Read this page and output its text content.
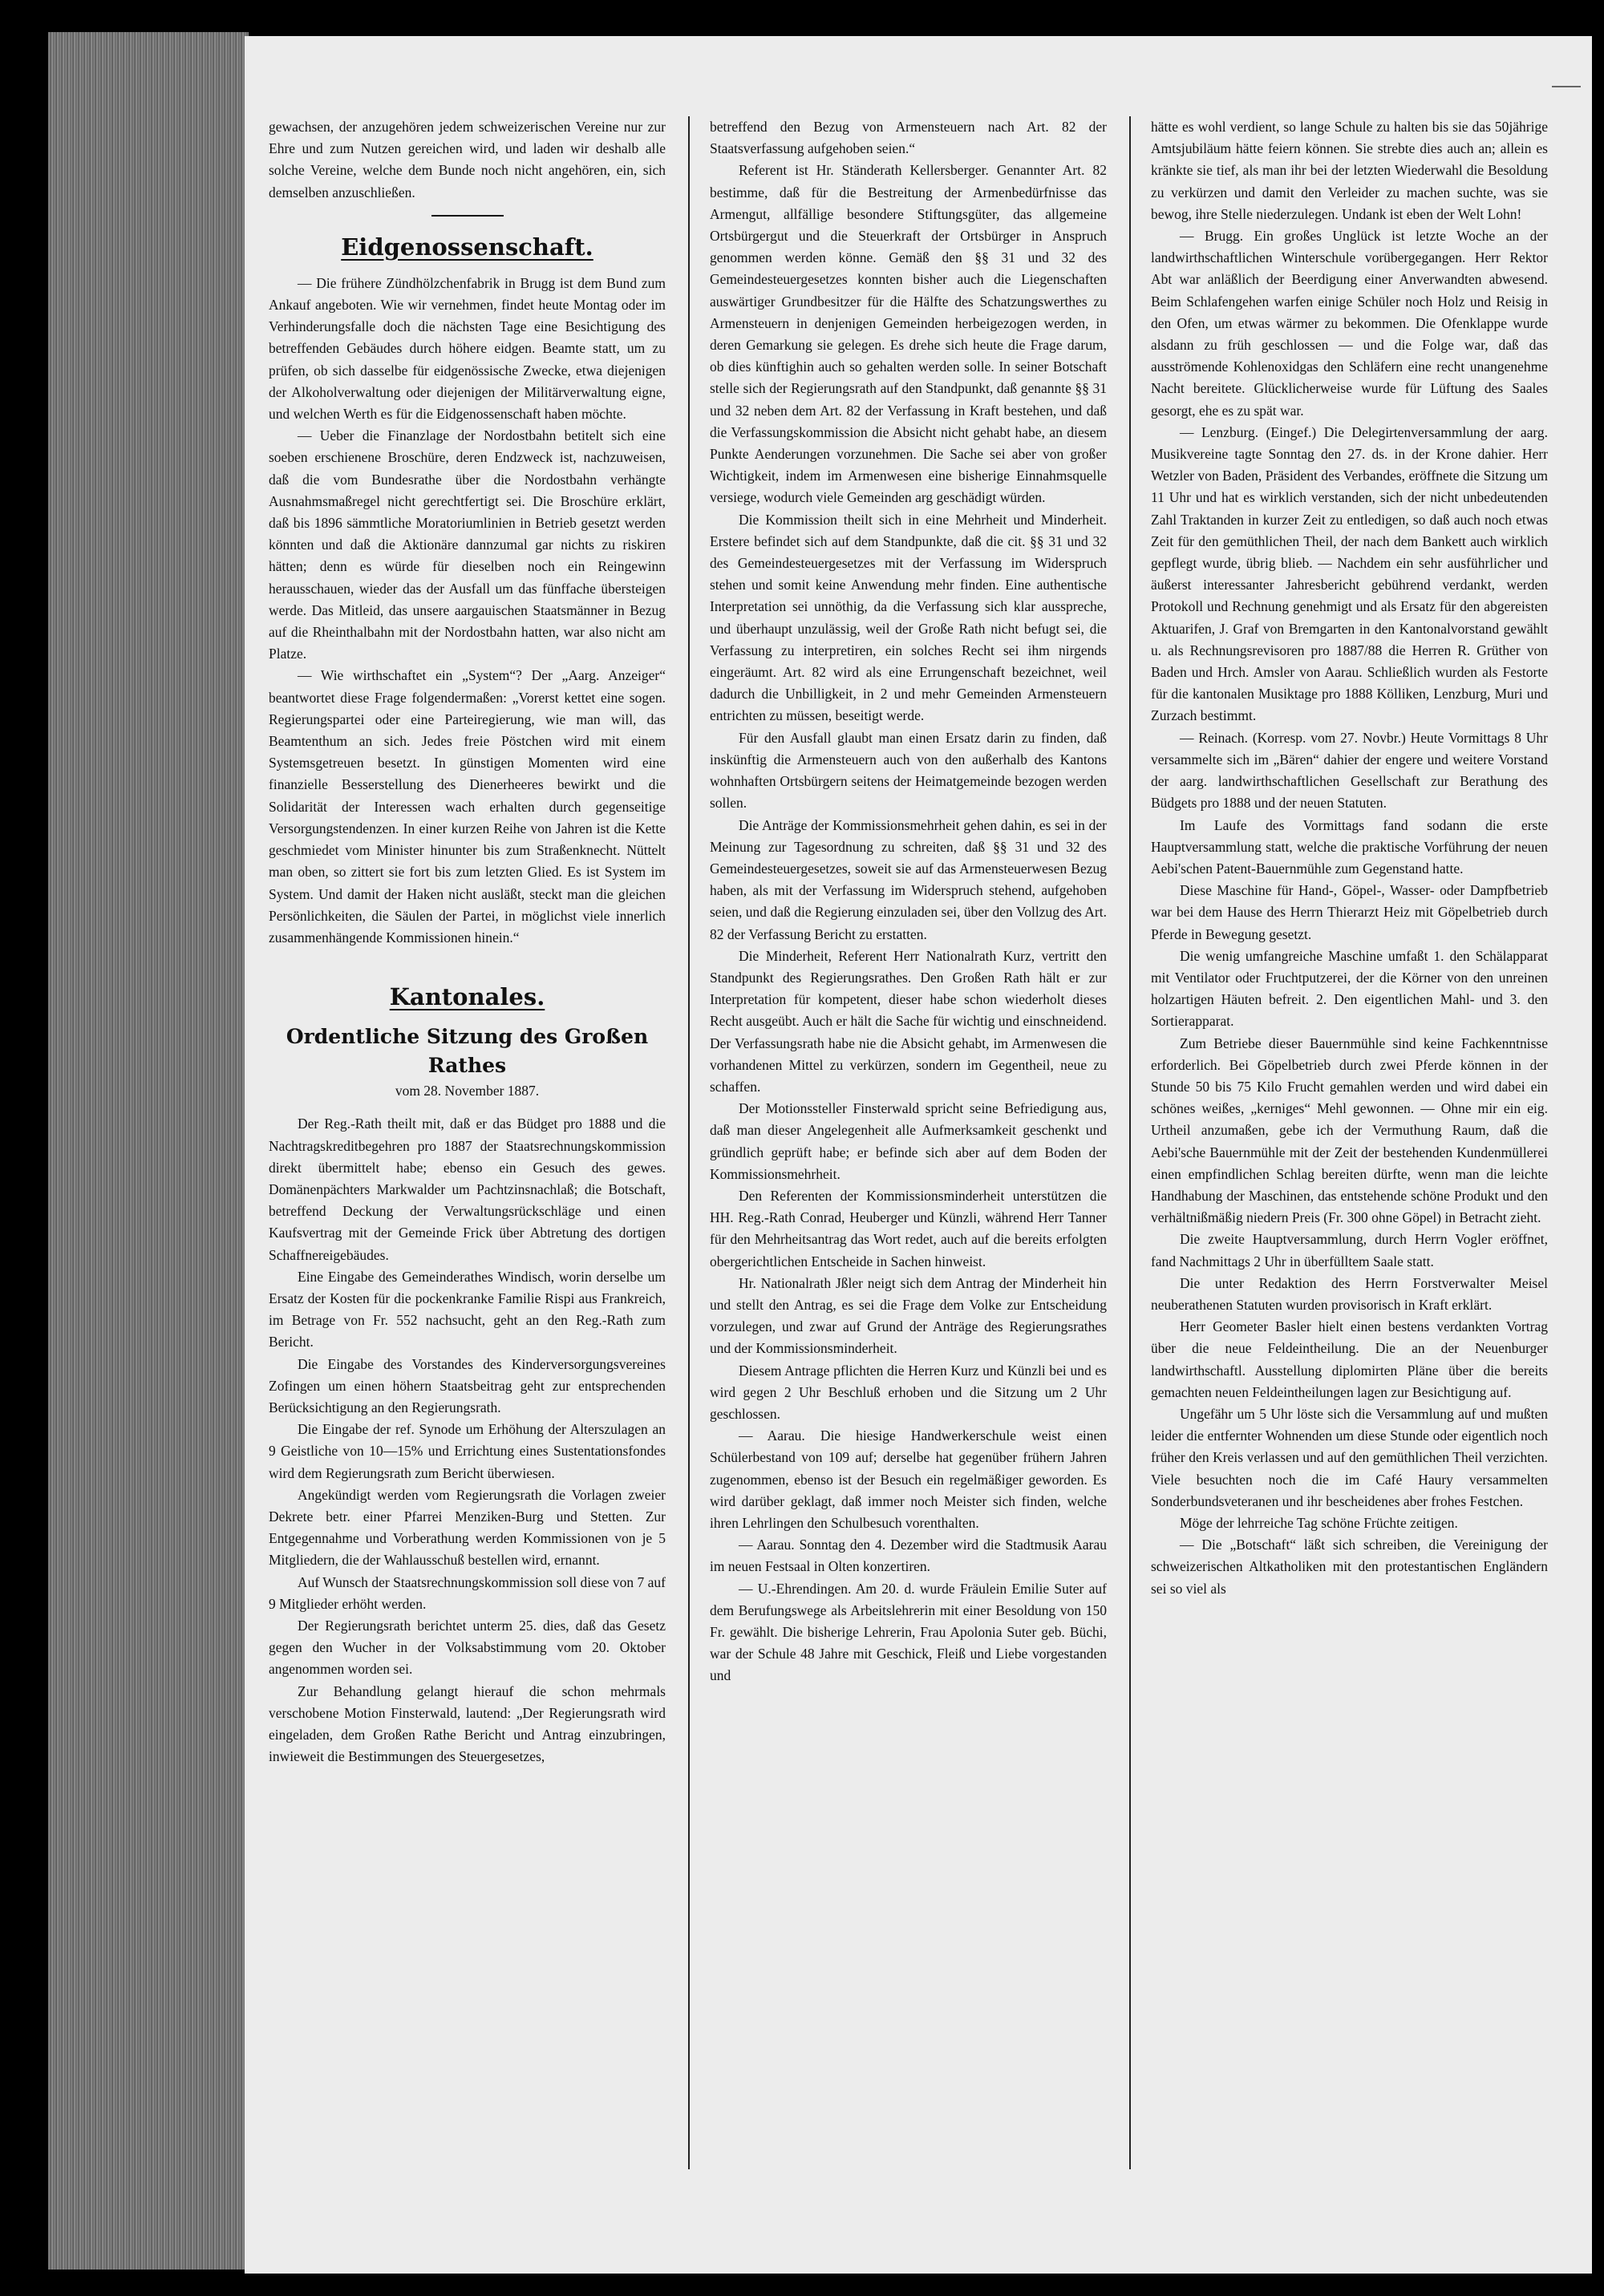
gewachsen, der anzugehören jedem schweizerischen Vereine nur zur Ehre und zum Nutzen gereichen wird, und laden wir deshalb alle solche Vereine, welche dem Bunde noch nicht angehören, ein, sich demselben anzuschließen.

Eidgenossenschaft.

— Die frühere Zündhölzchenfabrik in Brugg ist dem Bund zum Ankauf angeboten. Wie wir vernehmen, findet heute Montag oder im Verhinderungsfalle doch die nächsten Tage eine Besichtigung des betreffenden Gebäudes durch höhere eidgen. Beamte statt, um zu prüfen, ob sich dasselbe für eidgenössische Zwecke, etwa diejenigen der Alkoholverwaltung oder diejenigen der Militärverwaltung eigne, und welchen Werth es für die Eidgenossenschaft haben möchte.

— Ueber die Finanzlage der Nordostbahn betitelt sich eine soeben erschienene Broschüre, deren Endzweck ist, nachzuweisen, daß die vom Bundesrathe über die Nordostbahn verhängte Ausnahmsmaßregel nicht gerechtfertigt sei. Die Broschüre erklärt, daß bis 1896 sämmtliche Moratoriumlinien in Betrieb gesetzt werden könnten und daß die Aktionäre dannzumal gar nichts zu riskiren hätten; denn es würde für dieselben noch ein Reingewinn herausschauen, wieder das der Ausfall um das fünffache übersteigen werde. Das Mitleid, das unsere aargauischen Staatsmänner in Bezug auf die Rheinthalbahn mit der Nordostbahn hatten, war also nicht am Platze.

— Wie wirthschaftet ein „System“? Der „Aarg. Anzeiger“ beantwortet diese Frage folgendermaßen: „Vorerst kettet eine sogen. Regierungspartei oder eine Parteiregierung, wie man will, das Beamtenthum an sich. Jedes freie Pöstchen wird mit einem Systemsgetreuen besetzt. In günstigen Momenten wird eine finanzielle Besserstellung des Dienerheeres bewirkt und die Solidarität der Interessen wach erhalten durch gegenseitige Versorgungstendenzen. In einer kurzen Reihe von Jahren ist die Kette geschmiedet vom Minister hinunter bis zum Straßenknecht. Nüttelt man oben, so zittert sie fort bis zum letzten Glied. Es ist System im System. Und damit der Haken nicht ausläßt, steckt man die gleichen Persönlichkeiten, die Säulen der Partei, in möglichst viele innerlich zusammenhängende Kommissionen hinein.“

Kantonales.
Ordentliche Sitzung des Großen Rathes

vom 28. November 1887.

Der Reg.-Rath theilt mit, daß er das Büdget pro 1888 und die Nachtragskreditbegehren pro 1887 der Staatsrechnungskommission direkt übermittelt habe; ebenso ein Gesuch des gewes. Domänenpächters Markwalder um Pachtzinsnachlaß; die Botschaft, betreffend Deckung der Verwaltungsrückschläge und einen Kaufsvertrag mit der Gemeinde Frick über Abtretung des dortigen Schaffnereigebäudes.

Eine Eingabe des Gemeinderathes Windisch, worin derselbe um Ersatz der Kosten für die pockenkranke Familie Rispi aus Frankreich, im Betrage von Fr. 552 nachsucht, geht an den Reg.-Rath zum Bericht.

Die Eingabe des Vorstandes des Kinderversorgungsvereines Zofingen um einen höhern Staatsbeitrag geht zur entsprechenden Berücksichtigung an den Regierungsrath.

Die Eingabe der ref. Synode um Erhöhung der Alterszulagen an 9 Geistliche von 10—15% und Errichtung eines Sustentationsfondes wird dem Regierungsrath zum Bericht überwiesen.

Angekündigt werden vom Regierungsrath die Vorlagen zweier Dekrete betr. einer Pfarrei Menziken-Burg und Stetten. Zur Entgegennahme und Vorberathung werden Kommissionen von je 5 Mitgliedern, die der Wahlausschuß bestellen wird, ernannt.

Auf Wunsch der Staatsrechnungskommission soll diese von 7 auf 9 Mitglieder erhöht werden.

Der Regierungsrath berichtet unterm 25. dies, daß das Gesetz gegen den Wucher in der Volksabstimmung vom 20. Oktober angenommen worden sei.

Zur Behandlung gelangt hierauf die schon mehrmals verschobene Motion Finsterwald, lautend: „Der Regierungsrath wird eingeladen, dem Großen Rathe Bericht und Antrag einzubringen, inwieweit die Bestimmungen des Steuergesetzes,

betreffend den Bezug von Armensteuern nach Art. 82 der Staatsverfassung aufgehoben seien.“

Referent ist Hr. Ständerath Kellersberger. Genannter Art. 82 bestimme, daß für die Bestreitung der Armenbedürfnisse das Armengut, allfällige besondere Stiftungsgüter, das allgemeine Ortsbürgergut und die Steuerkraft der Ortsbürger in Anspruch genommen werden könne. Gemäß den §§ 31 und 32 des Gemeindesteuergesetzes konnten bisher auch die Liegenschaften auswärtiger Grundbesitzer für die Hälfte des Schatzungswerthes zu Armensteuern in denjenigen Gemeinden herbeigezogen werden, in deren Gemarkung sie gelegen. Es drehe sich heute die Frage darum, ob dies künftighin auch so gehalten werden solle. In seiner Botschaft stelle sich der Regierungsrath auf den Standpunkt, daß genannte §§ 31 und 32 neben dem Art. 82 der Verfassung in Kraft bestehen, und daß die Verfassungskommission die Absicht nicht gehabt habe, an diesem Punkte Aenderungen vorzunehmen. Die Sache sei aber von großer Wichtigkeit, indem im Armenwesen eine bisherige Einnahmsquelle versiege, wodurch viele Gemeinden arg geschädigt würden.

Die Kommission theilt sich in eine Mehrheit und Minderheit. Erstere befindet sich auf dem Standpunkte, daß die cit. §§ 31 und 32 des Gemeindesteuergesetzes mit der Verfassung im Widerspruch stehen und somit keine Anwendung mehr finden. Eine authentische Interpretation sei unnöthig, da die Verfassung sich klar ausspreche, und überhaupt unzulässig, weil der Große Rath nicht befugt sei, die Verfassung zu interpretiren, ein solches Recht sei ihm nirgends eingeräumt. Art. 82 wird als eine Errungenschaft bezeichnet, weil dadurch die Unbilligkeit, in 2 und mehr Gemeinden Armensteuern entrichten zu müssen, beseitigt werde.

Für den Ausfall glaubt man einen Ersatz darin zu finden, daß inskünftig die Armensteuern auch von den außerhalb des Kantons wohnhaften Ortsbürgern seitens der Heimatgemeinde bezogen werden sollen.

Die Anträge der Kommissionsmehrheit gehen dahin, es sei in der Meinung zur Tagesordnung zu schreiten, daß §§ 31 und 32 des Gemeindesteuergesetzes, soweit sie auf das Armensteuerwesen Bezug haben, als mit der Verfassung im Widerspruch stehend, aufgehoben seien, und daß die Regierung einzuladen sei, über den Vollzug des Art. 82 der Verfassung Bericht zu erstatten.

Die Minderheit, Referent Herr Nationalrath Kurz, vertritt den Standpunkt des Regierungsrathes. Den Großen Rath hält er zur Interpretation für kompetent, dieser habe schon wiederholt dieses Recht ausgeübt. Auch er hält die Sache für wichtig und einschneidend. Der Verfassungsrath habe nie die Absicht gehabt, im Armenwesen die vorhandenen Mittel zu verkürzen, sondern im Gegentheil, neue zu schaffen.

Der Motionssteller Finsterwald spricht seine Befriedigung aus, daß man dieser Angelegenheit alle Aufmerksamkeit geschenkt und gründlich geprüft habe; er befinde sich aber auf dem Boden der Kommissionsmehrheit.

Den Referenten der Kommissionsminderheit unterstützen die HH. Reg.-Rath Conrad, Heuberger und Künzli, während Herr Tanner für den Mehrheitsantrag das Wort redet, auch auf die bereits erfolgten obergerichtlichen Entscheide in Sachen hinweist.

Hr. Nationalrath Jßler neigt sich dem Antrag der Minderheit hin und stellt den Antrag, es sei die Frage dem Volke zur Entscheidung vorzulegen, und zwar auf Grund der Anträge des Regierungsrathes und der Kommissionsminderheit.

Diesem Antrage pflichten die Herren Kurz und Künzli bei und es wird gegen 2 Uhr Beschluß erhoben und die Sitzung um 2 Uhr geschlossen.

— Aarau. Die hiesige Handwerkerschule weist einen Schülerbestand von 109 auf; derselbe hat gegenüber frühern Jahren zugenommen, ebenso ist der Besuch ein regelmäßiger geworden. Es wird darüber geklagt, daß immer noch Meister sich finden, welche ihren Lehrlingen den Schulbesuch vorenthalten.

— Aarau. Sonntag den 4. Dezember wird die Stadtmusik Aarau im neuen Festsaal in Olten konzertiren.

— U.-Ehrendingen. Am 20. d. wurde Fräulein Emilie Suter auf dem Berufungswege als Arbeitslehrerin mit einer Besoldung von 150 Fr. gewählt. Die bisherige Lehrerin, Frau Apolonia Suter geb. Büchi, war der Schule 48 Jahre mit Geschick, Fleiß und Liebe vorgestanden und

hätte es wohl verdient, so lange Schule zu halten bis sie das 50jährige Amtsjubiläum hätte feiern können. Sie strebte dies auch an; allein es kränkte sie tief, als man ihr bei der letzten Wiederwahl die Besoldung zu verkürzen und damit den Verleider zu machen suchte, was sie bewog, ihre Stelle niederzulegen. Undank ist eben der Welt Lohn!

— Brugg. Ein großes Unglück ist letzte Woche an der landwirthschaftlichen Winterschule vorübergegangen. Herr Rektor Abt war anläßlich der Beerdigung einer Anverwandten abwesend. Beim Schlafengehen warfen einige Schüler noch Holz und Reisig in den Ofen, um etwas wärmer zu bekommen. Die Ofenklappe wurde alsdann zu früh geschlossen — und die Folge war, daß das ausströmende Kohlenoxidgas den Schläfern eine recht unangenehme Nacht bereitete. Glücklicherweise wurde für Lüftung des Saales gesorgt, ehe es zu spät war.

— Lenzburg. (Eingef.) Die Delegirtenversammlung der aarg. Musikvereine tagte Sonntag den 27. ds. in der Krone dahier. Herr Wetzler von Baden, Präsident des Verbandes, eröffnete die Sitzung um 11 Uhr und hat es wirklich verstanden, sich der nicht unbedeutenden Zahl Traktanden in kurzer Zeit zu entledigen, so daß auch noch etwas Zeit für den gemüthlichen Theil, der nach dem Bankett auch wirklich gepflegt wurde, übrig blieb. — Nachdem ein sehr ausführlicher und äußerst interessanter Jahresbericht gebührend verdankt, werden Protokoll und Rechnung genehmigt und als Ersatz für den abgereisten Aktuarifen, J. Graf von Bremgarten in den Kantonalvorstand gewählt u. als Rechnungsrevisoren pro 1887/88 die Herren R. Grüther von Baden und Hrch. Amsler von Aarau. Schließlich wurden als Festorte für die kantonalen Musiktage pro 1888 Kölliken, Lenzburg, Muri und Zurzach bestimmt.

— Reinach. (Korresp. vom 27. Novbr.) Heute Vormittags 8 Uhr versammelte sich im „Bären“ dahier der engere und weitere Vorstand der aarg. landwirthschaftlichen Gesellschaft zur Berathung des Büdgets pro 1888 und der neuen Statuten.

Im Laufe des Vormittags fand sodann die erste Hauptversammlung statt, welche die praktische Vorführung der neuen Aebi'schen Patent-Bauernmühle zum Gegenstand hatte.

Diese Maschine für Hand-, Göpel-, Wasser- oder Dampfbetrieb war bei dem Hause des Herrn Thierarzt Heiz mit Göpelbetrieb durch Pferde in Bewegung gesetzt.

Die wenig umfangreiche Maschine umfaßt 1. den Schälapparat mit Ventilator oder Fruchtputzerei, der die Körner von den unreinen holzartigen Häuten befreit. 2. Den eigentlichen Mahl- und 3. den Sortierapparat.

Zum Betriebe dieser Bauernmühle sind keine Fachkenntnisse erforderlich. Bei Göpelbetrieb durch zwei Pferde können in der Stunde 50 bis 75 Kilo Frucht gemahlen werden und wird dabei ein schönes weißes, „kerniges“ Mehl gewonnen. — Ohne mir ein eig. Urtheil anzumaßen, gebe ich der Vermuthung Raum, daß die Aebi'sche Bauernmühle mit der Zeit der bestehenden Kundenmüllerei einen empfindlichen Schlag bereiten dürfte, wenn man die leichte Handhabung der Maschinen, das entstehende schöne Produkt und den verhältnißmäßig niedern Preis (Fr. 300 ohne Göpel) in Betracht zieht.

Die zweite Hauptversammlung, durch Herrn Vogler eröffnet, fand Nachmittags 2 Uhr in überfülltem Saale statt.

Die unter Redaktion des Herrn Forstverwalter Meisel neuberathenen Statuten wurden provisorisch in Kraft erklärt.

Herr Geometer Basler hielt einen bestens verdankten Vortrag über die neue Feldeintheilung. Die an der Neuenburger landwirthschaftl. Ausstellung diplomirten Pläne über die bereits gemachten neuen Feldeintheilungen lagen zur Besichtigung auf.

Ungefähr um 5 Uhr löste sich die Versammlung auf und mußten leider die entfernter Wohnenden um diese Stunde oder eigentlich noch früher den Kreis verlassen und auf den gemüthlichen Theil verzichten. Viele besuchten noch die im Café Haury versammelten Sonderbundsveteranen und ihr bescheidenes aber frohes Festchen.

Möge der lehrreiche Tag schöne Früchte zeitigen.

— Die „Botschaft“ läßt sich schreiben, die Vereinigung der schweizerischen Altkatholiken mit den protestantischen Engländern sei so viel als
